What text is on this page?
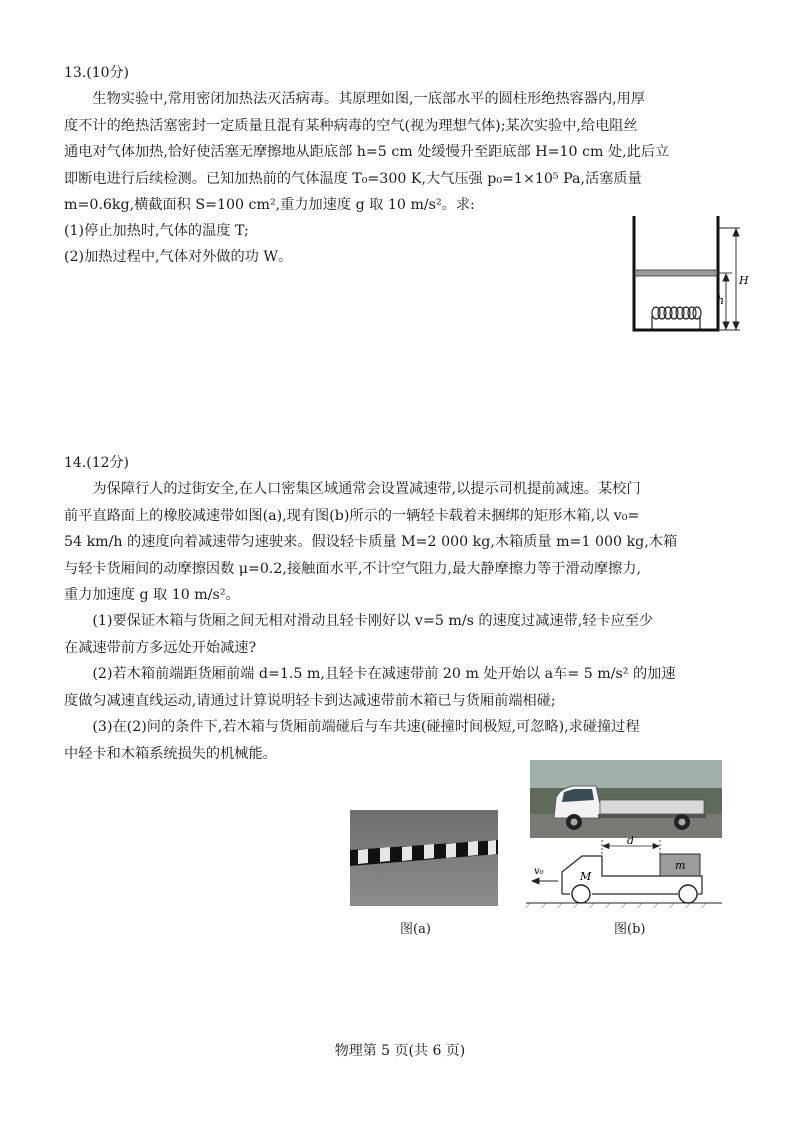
13.(10分)
生物实验中,常用密闭加热法灭活病毒。其原理如图,一底部水平的圆柱形绝热容器内,用厚
度不计的绝热活塞密封一定质量且混有某种病毒的空气(视为理想气体);某次实验中,给电阻丝
通电对气体加热,恰好使活塞无摩擦地从距底部 h=5 cm 处缓慢升至距底部 H=10 cm 处,此后立
即断电进行后续检测。已知加热前的气体温度 T₀=300 K,大气压强 p₀=1×10⁵ Pa,活塞质量
m=0.6kg,横截面积 S=100 cm²,重力加速度 g 取 10 m/s²。求:
(1)停止加热时,气体的温度 T;
(2)加热过程中,气体对外做的功 W。
H
h
14.(12分)
为保障行人的过街安全,在人口密集区域通常会设置减速带,以提示司机提前减速。某校门
前平直路面上的橡胶减速带如图(a),现有图(b)所示的一辆轻卡载着未捆绑的矩形木箱,以 v₀=
54 km/h 的速度向着减速带匀速驶来。假设轻卡质量 M=2 000 kg,木箱质量 m=1 000 kg,木箱
与轻卡货厢间的动摩擦因数 μ=0.2,接触面水平,不计空气阻力,最大静摩擦力等于滑动摩擦力,
重力加速度 g 取 10 m/s²。
(1)要保证木箱与货厢之间无相对滑动且轻卡刚好以 v=5 m/s 的速度过减速带,轻卡应至少
在减速带前方多远处开始减速?
(2)若木箱前端距货厢前端 d=1.5 m,且轻卡在减速带前 20 m 处开始以 a车= 5 m/s² 的加速
度做匀减速直线运动,请通过计算说明轻卡到达减速带前木箱已与货厢前端相碰;
(3)在(2)问的条件下,若木箱与货厢前端碰后与车共速(碰撞时间极短,可忽略),求碰撞过程
中轻卡和木箱系统损失的机械能。
图(a)
d
m
M
v₀
图(b)
物理第 5 页(共 6 页)
